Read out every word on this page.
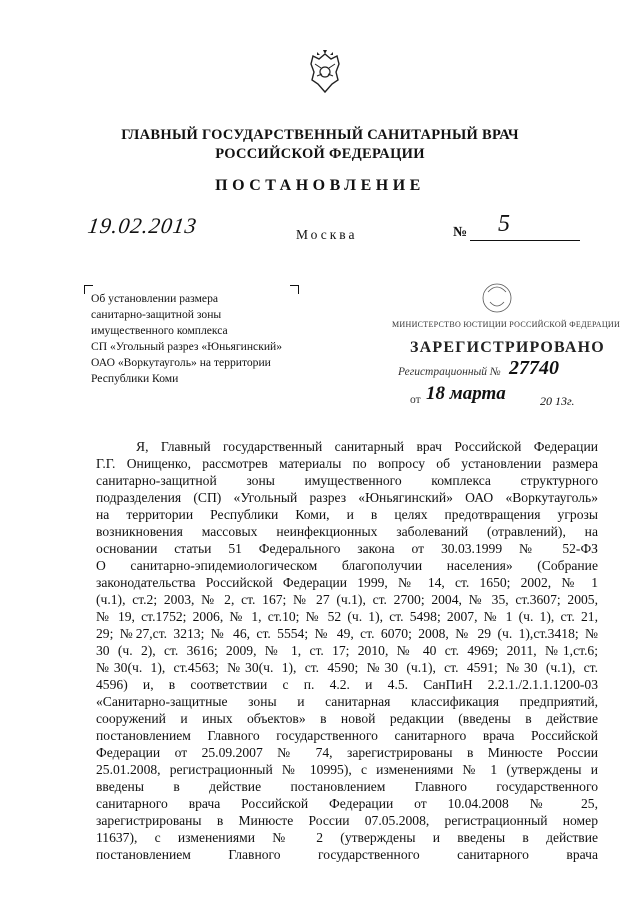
ГЛАВНЫЙ ГОСУДАРСТВЕННЫЙ САНИТАРНЫЙ ВРАЧ
РОССИЙСКОЙ ФЕДЕРАЦИИ
ПОСТАНОВЛЕНИЕ
19.02.2013	Москва	№ 5
Об установлении размера
санитарно-защитной зоны
имущественного комплекса
СП «Угольный разрез «Юньягинский»
ОАО «Воркутауголь» на территории
Республики Коми
МИНИСТЕРСТВО ЮСТИЦИИ РОССИЙСКОЙ ФЕДЕРАЦИИ
ЗАРЕГИСТРИРОВАНО
Регистрационный № 27740
от 18 марта	20 13г.
Я, Главный государственный санитарный врач Российской Федерации
Г.Г. Онищенко, рассмотрев материалы по вопросу об установлении размера
санитарно-защитной зоны имущественного комплекса структурного
подразделения (СП) «Угольный разрез «Юньягинский» ОАО «Воркутауголь»
на территории Республики Коми, и в целях предотвращения угрозы
возникновения массовых неинфекционных заболеваний (отравлений), на
основании статьи 51 Федерального закона от 30.03.1999 № 52-ФЗ
О санитарно-эпидемиологическом благополучии населения» (Собрание
законодательства Российской Федерации 1999, № 14, ст. 1650; 2002, № 1
(ч.1), ст.2; 2003, № 2, ст. 167; № 27 (ч.1), ст. 2700; 2004, № 35, ст.3607; 2005,
№ 19, ст.1752; 2006, № 1, ст.10; № 52 (ч. 1), ст. 5498; 2007, № 1 (ч. 1), ст. 21,
29; №27,ст. 3213; № 46, ст. 5554; № 49, ст. 6070; 2008, № 29 (ч. 1),ст.3418; №
30 (ч. 2), ст. 3616; 2009, № 1, ст. 17; 2010, № 40 ст. 4969; 2011, №1,ст.6;
№30(ч. 1), ст.4563; №30(ч. 1), ст. 4590; №30 (ч.1), ст. 4591; №30 (ч.1), ст.
4596) и, в соответствии с п. 4.2. и 4.5. СанПиН 2.2.1./2.1.1.1200-03
«Санитарно-защитные зоны и санитарная классификация предприятий,
сооружений и иных объектов» в новой редакции (введены в действие
постановлением Главного государственного санитарного врача Российской
Федерации от 25.09.2007 № 74, зарегистрированы в Минюсте России
25.01.2008, регистрационный № 10995), с изменениями № 1 (утверждены и
введены в действие постановлением Главного государственного
санитарного врача Российской Федерации от 10.04.2008 № 25,
зарегистрированы в Минюсте России 07.05.2008, регистрационный номер
11637), с изменениями № 2 (утверждены и введены в действие
постановлением Главного государственного санитарного врача
